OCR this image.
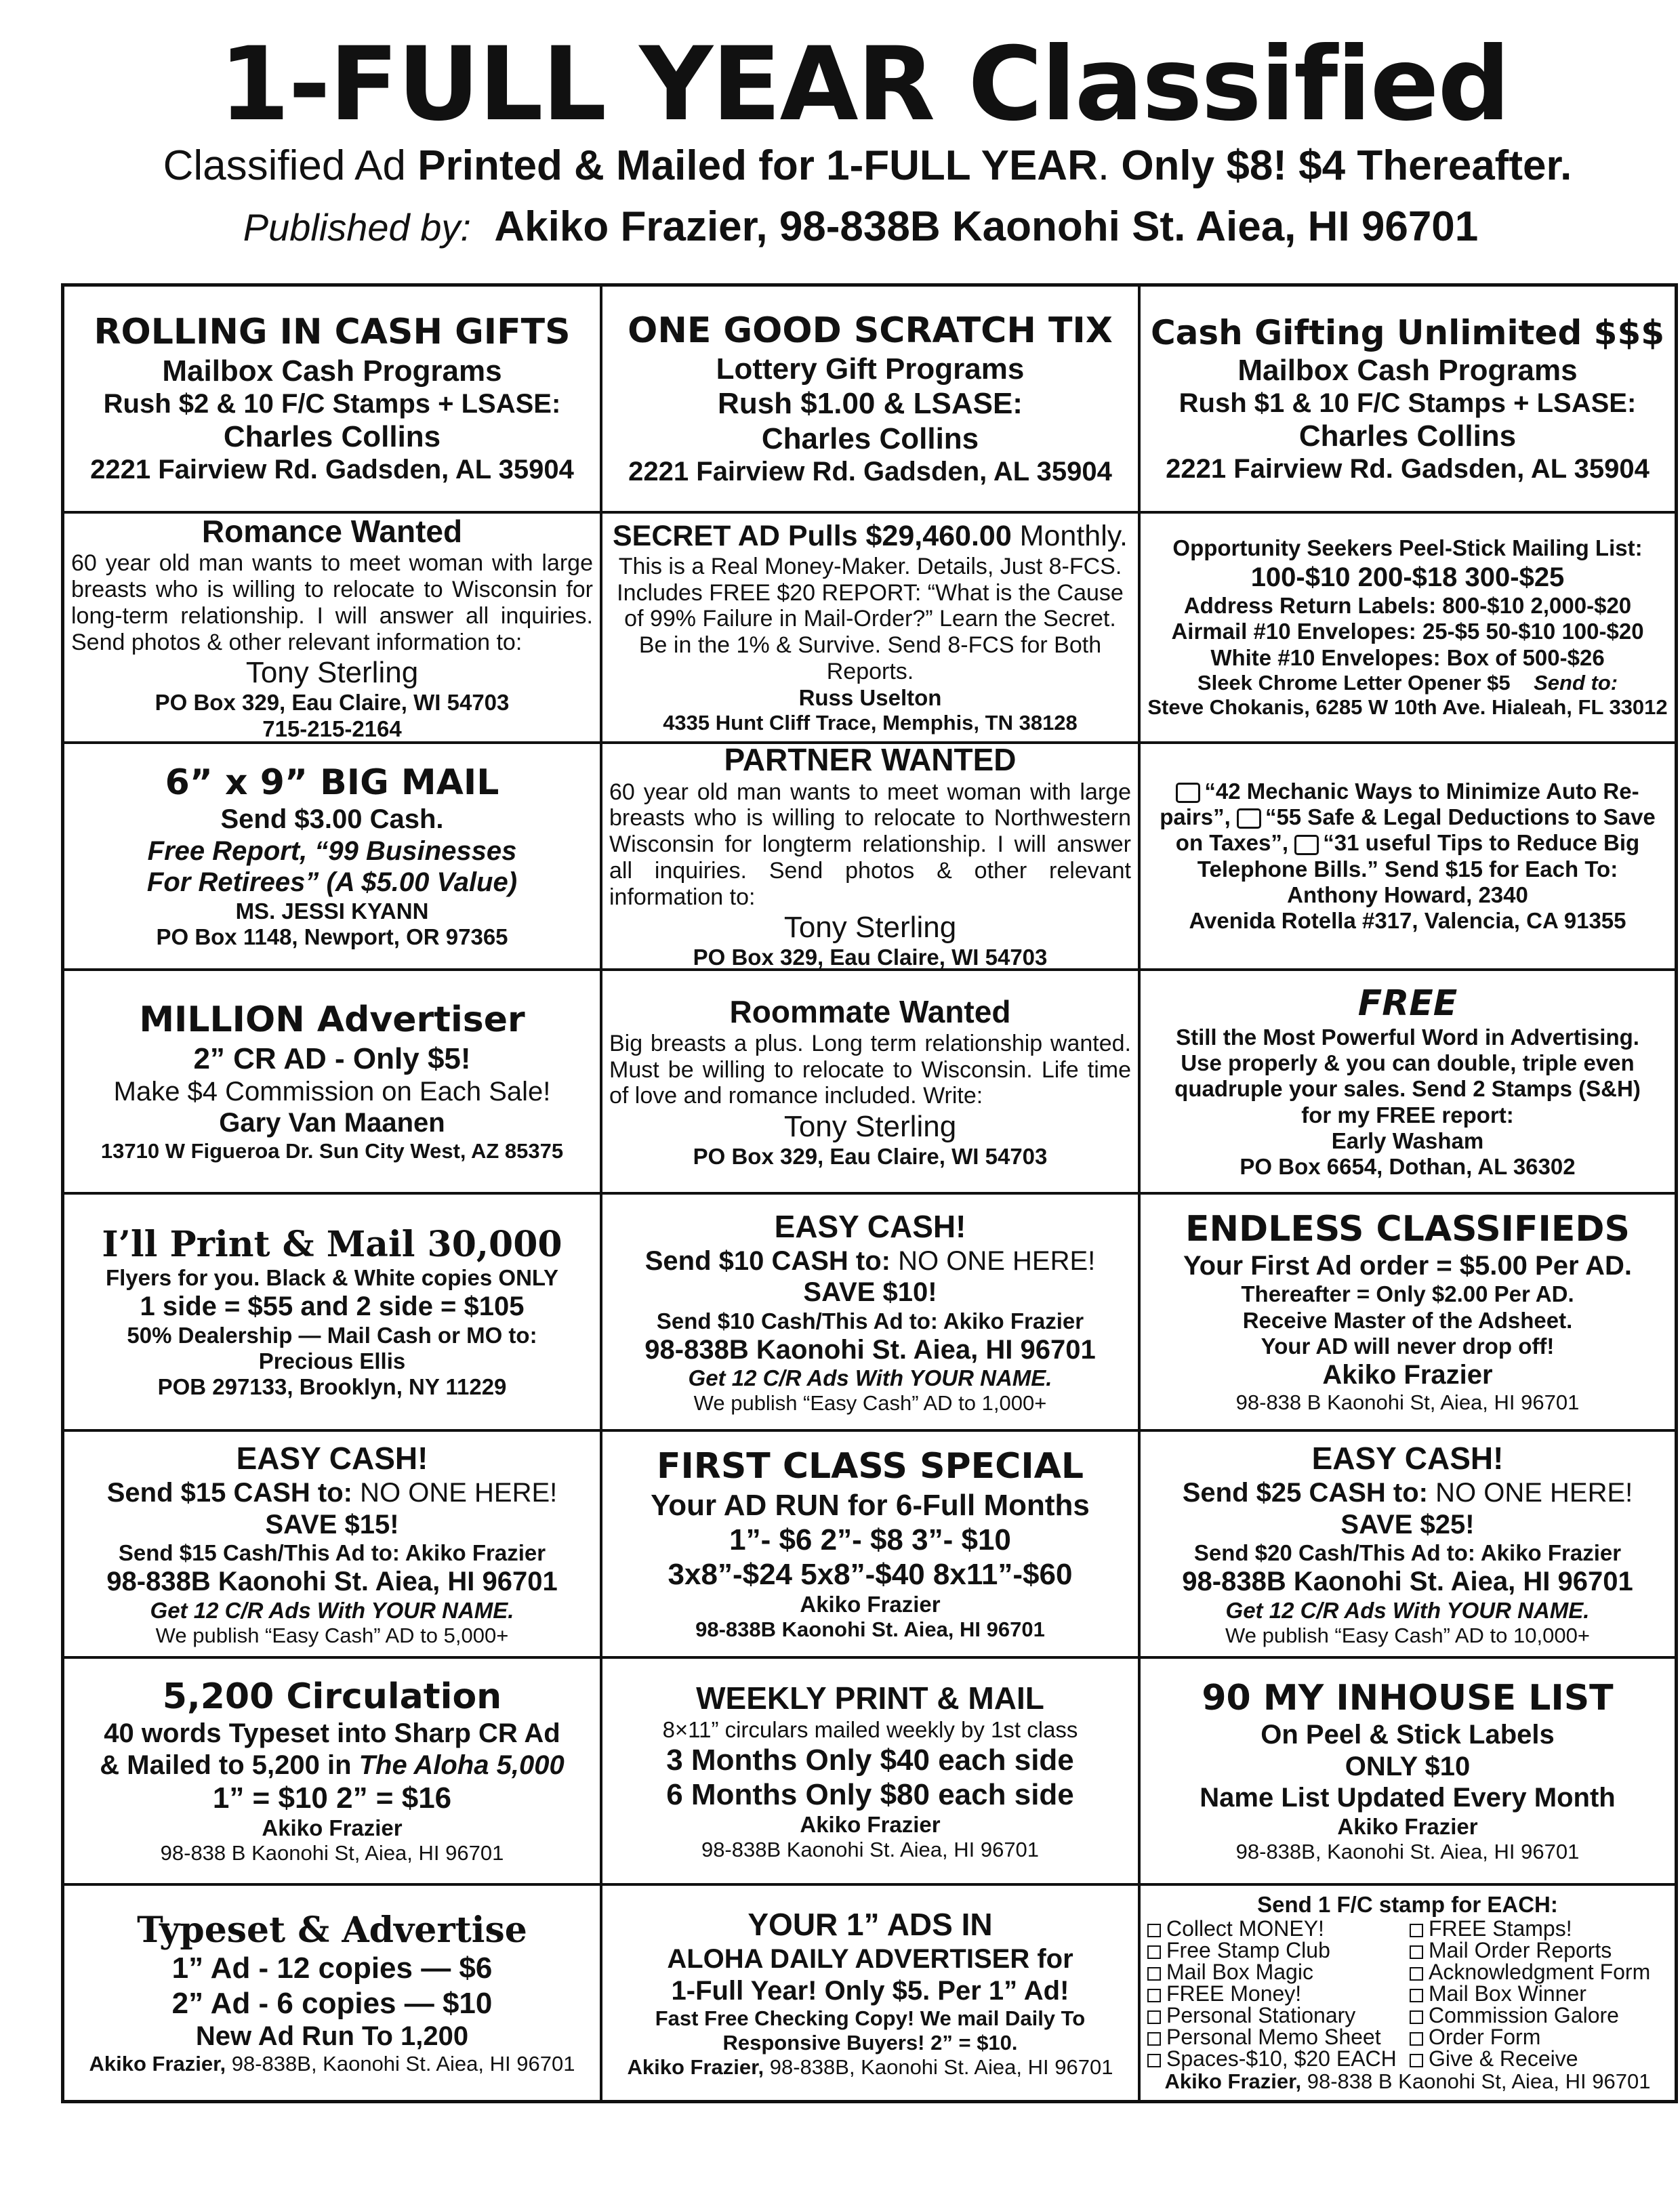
1-FULL YEAR Classified
Classified Ad Printed & Mailed for 1-FULL YEAR. Only $8! $4 Thereafter.
Published by: Akiko Frazier, 98-838B Kaonohi St. Aiea, HI 96701
ROLLING IN CASH GIFTS
Mailbox Cash Programs
Rush $2 & 10 F/C Stamps + LSASE:
Charles Collins
2221 Fairview Rd. Gadsden, AL 35904
ONE GOOD SCRATCH TIX
Lottery Gift Programs
Rush $1.00 & LSASE:
Charles Collins
2221 Fairview Rd. Gadsden, AL 35904
Cash Gifting Unlimited $$$
Mailbox Cash Programs
Rush $1 & 10 F/C Stamps + LSASE:
Charles Collins
2221 Fairview Rd. Gadsden, AL 35904
Romance Wanted
60 year old man wants to meet woman with large breasts who is willing to relocate to Wisconsin for long-term relationship. I will answer all inquiries. Send photos & other relevant information to:
Tony Sterling
PO Box 329, Eau Claire, WI 54703
715-215-2164
SECRET AD Pulls $29,460.00 Monthly.
This is a Real Money-Maker. Details, Just 8-FCS. Includes FREE $20 REPORT: “What is the Cause of 99% Failure in Mail-Order?” Learn the Secret. Be in the 1% & Survive. Send 8-FCS for Both Reports.
Russ Uselton
4335 Hunt Cliff Trace, Memphis, TN 38128
Opportunity Seekers Peel-Stick Mailing List:
100-$10 200-$18 300-$25
Address Return Labels: 800-$10 2,000-$20
Airmail #10 Envelopes: 25-$5 50-$10 100-$20
White #10 Envelopes: Box of 500-$26
Sleek Chrome Letter Opener $5 Send to:
Steve Chokanis, 6285 W 10th Ave. Hialeah, FL 33012
6” x 9” BIG MAIL
Send $3.00 Cash.
Free Report, “99 Businesses
For Retirees” (A $5.00 Value)
MS. JESSI KYANN
PO Box 1148, Newport, OR 97365
PARTNER WANTED
60 year old man wants to meet woman with large breasts who is willing to relocate to Northwestern Wisconsin for longterm relationship. I will answer all inquiries. Send photos & other relevant information to:
Tony Sterling
PO Box 329, Eau Claire, WI 54703
“42 Mechanic Ways to Minimize Auto Re-
pairs”, “55 Safe & Legal Deductions to Save
on Taxes”, “31 useful Tips to Reduce Big
Telephone Bills.” Send $15 for Each To:
Anthony Howard, 2340
Avenida Rotella #317, Valencia, CA 91355
MILLION Advertiser
2” CR AD - Only $5!
Make $4 Commission on Each Sale!
Gary Van Maanen
13710 W Figueroa Dr. Sun City West, AZ 85375
Roommate Wanted
Big breasts a plus. Long term relationship wanted. Must be willing to relocate to Wisconsin. Life time of love and romance included. Write:
Tony Sterling
PO Box 329, Eau Claire, WI 54703
FREE
Still the Most Powerful Word in Advertising.
Use properly & you can double, triple even
quadruple your sales. Send 2 Stamps (S&H)
for my FREE report:
Early Washam
PO Box 6654, Dothan, AL 36302
I’ll Print & Mail 30,000
Flyers for you. Black & White copies ONLY
1 side = $55 and 2 side = $105
50% Dealership — Mail Cash or MO to:
Precious Ellis
POB 297133, Brooklyn, NY 11229
EASY CASH!
Send $10 CASH to: NO ONE HERE!
SAVE $10!
Send $10 Cash/This Ad to: Akiko Frazier
98-838B Kaonohi St. Aiea, HI 96701
Get 12 C/R Ads With YOUR NAME.
We publish “Easy Cash” AD to 1,000+
ENDLESS CLASSIFIEDS
Your First Ad order = $5.00 Per AD.
Thereafter = Only $2.00 Per AD.
Receive Master of the Adsheet.
Your AD will never drop off!
Akiko Frazier
98-838 B Kaonohi St, Aiea, HI 96701
EASY CASH!
Send $15 CASH to: NO ONE HERE!
SAVE $15!
Send $15 Cash/This Ad to: Akiko Frazier
98-838B Kaonohi St. Aiea, HI 96701
Get 12 C/R Ads With YOUR NAME.
We publish “Easy Cash” AD to 5,000+
FIRST CLASS SPECIAL
Your AD RUN for 6-Full Months
1”- $6 2”- $8 3”- $10
3x8”-$24 5x8”-$40 8x11”-$60
Akiko Frazier
98-838B Kaonohi St. Aiea, HI 96701
EASY CASH!
Send $25 CASH to: NO ONE HERE!
SAVE $25!
Send $20 Cash/This Ad to: Akiko Frazier
98-838B Kaonohi St. Aiea, HI 96701
Get 12 C/R Ads With YOUR NAME.
We publish “Easy Cash” AD to 10,000+
5,200 Circulation
40 words Typeset into Sharp CR Ad
& Mailed to 5,200 in The Aloha 5,000
1” = $10 2” = $16
Akiko Frazier
98-838 B Kaonohi St, Aiea, HI 96701
WEEKLY PRINT & MAIL
8×11” circulars mailed weekly by 1st class
3 Months Only $40 each side
6 Months Only $80 each side
Akiko Frazier
98-838B Kaonohi St. Aiea, HI 96701
90 MY INHOUSE LIST
On Peel & Stick Labels
ONLY $10
Name List Updated Every Month
Akiko Frazier
98-838B, Kaonohi St. Aiea, HI 96701
Typeset & Advertise
1” Ad - 12 copies — $6
2” Ad - 6 copies — $10
New Ad Run To 1,200
Akiko Frazier, 98-838B, Kaonohi St. Aiea, HI 96701
YOUR 1” ADS IN
ALOHA DAILY ADVERTISER for
1-Full Year! Only $5. Per 1” Ad!
Fast Free Checking Copy! We mail Daily To
Responsive Buyers! 2” = $10.
Akiko Frazier, 98-838B, Kaonohi St. Aiea, HI 96701
Send 1 F/C stamp for EACH:
Collect MONEY!	FREE Stamps!
Free Stamp Club	Mail Order Reports
Mail Box Magic	Acknowledgment Form
FREE Money!	Mail Box Winner
Personal Stationary	Commission Galore
Personal Memo Sheet	Order Form
Spaces-$10, $20 EACH	Give & Receive
Akiko Frazier, 98-838 B Kaonohi St, Aiea, HI 96701
